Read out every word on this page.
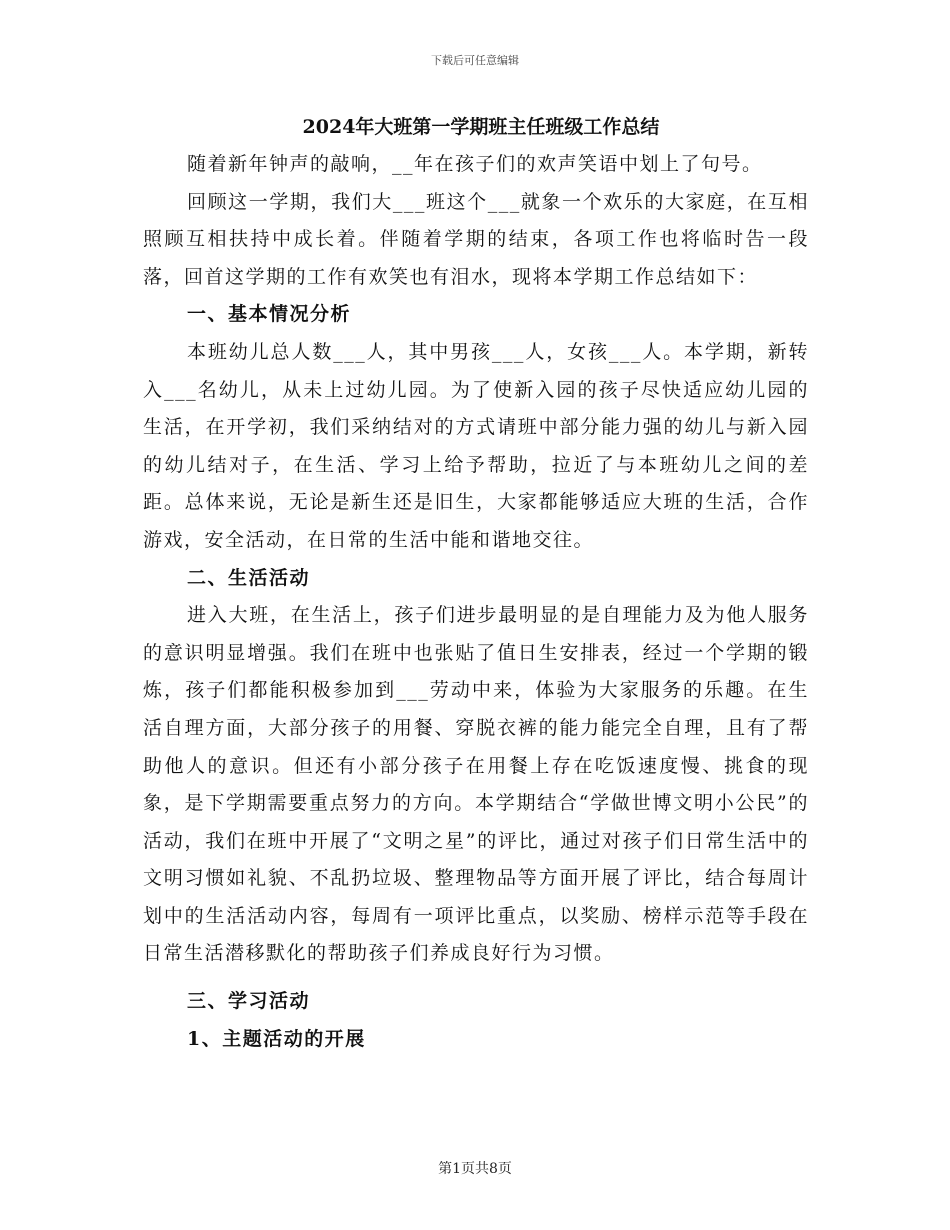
下载后可任意编辑
2024年大班第一学期班主任班级工作总结

随着新年钟声的敲响，__年在孩子们的欢声笑语中划上了句号。

回顾这一学期，我们大___班这个___就象一个欢乐的大家庭，在互相照顾互相扶持中成长着。伴随着学期的结束，各项工作也将临时告一段落，回首这学期的工作有欢笑也有泪水，现将本学期工作总结如下：

一、基本情况分析

本班幼儿总人数___人，其中男孩___人，女孩___人。本学期，新转入___名幼儿，从未上过幼儿园。为了使新入园的孩子尽快适应幼儿园的生活，在开学初，我们采纳结对的方式请班中部分能力强的幼儿与新入园的幼儿结对子，在生活、学习上给予帮助，拉近了与本班幼儿之间的差距。总体来说，无论是新生还是旧生，大家都能够适应大班的生活，合作游戏，安全活动，在日常的生活中能和谐地交往。

二、生活活动

进入大班，在生活上，孩子们进步最明显的是自理能力及为他人服务的意识明显增强。我们在班中也张贴了值日生安排表，经过一个学期的锻炼，孩子们都能积极参加到___劳动中来，体验为大家服务的乐趣。在生活自理方面，大部分孩子的用餐、穿脱衣裤的能力能完全自理，且有了帮助他人的意识。但还有小部分孩子在用餐上存在吃饭速度慢、挑食的现象，是下学期需要重点努力的方向。本学期结合“学做世博文明小公民”的活动，我们在班中开展了“文明之星”的评比，通过对孩子们日常生活中的文明习惯如礼貌、不乱扔垃圾、整理物品等方面开展了评比，结合每周计划中的生活活动内容，每周有一项评比重点，以奖励、榜样示范等手段在日常生活潜移默化的帮助孩子们养成良好行为习惯。

三、学习活动

1、主题活动的开展

第1页共8页
